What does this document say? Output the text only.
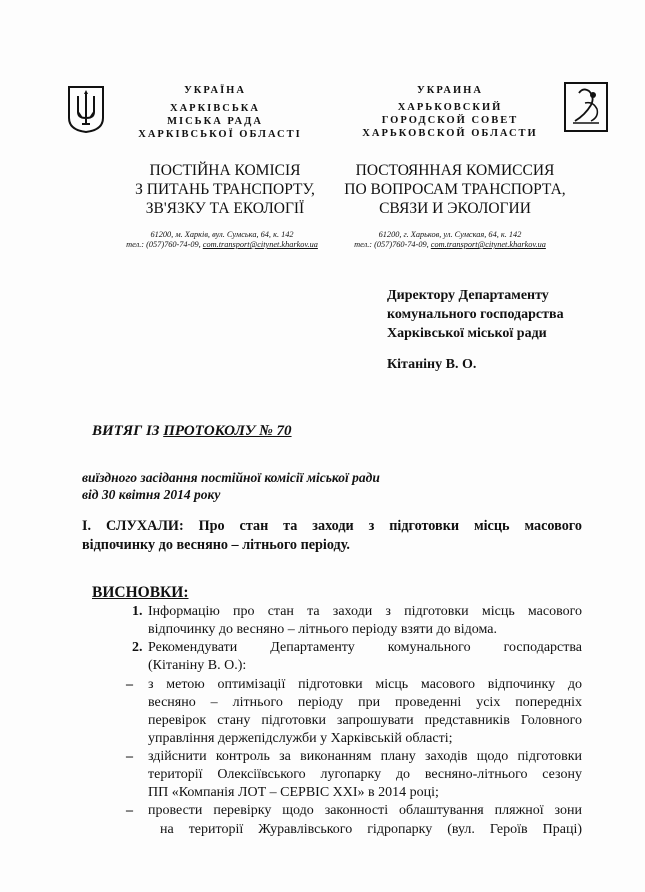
УКРАЇНА
ХАРКІВСЬКА
МІСЬКА РАДА
ХАРКІВСЬКОЇ ОБЛАСТІ
УКРАИНА
ХАРЬКОВСКИЙ
ГОРОДСКОЙ СОВЕТ
ХАРЬКОВСКОЙ ОБЛАСТИ
ПОСТІЙНА КОМІСІЯ
З ПИТАНЬ ТРАНСПОРТУ,
ЗВ'ЯЗКУ ТА ЕКОЛОГІЇ
ПОСТОЯННАЯ КОМИССИЯ
ПО ВОПРОСАМ ТРАНСПОРТА,
СВЯЗИ И ЭКОЛОГИИ
61200, м. Харків, вул. Сумська, 64, к. 142
тел.: (057)760-74-09, com.transport@citynet.kharkov.ua
61200, г. Харьков, ул. Сумская, 64, к. 142
тел.: (057)760-74-09, com.transport@citynet.kharkov.ua
Директору Департаменту
комунального господарства
Харківської міської ради
Кітаніну В. О.
ВИТЯГ ІЗ ПРОТОКОЛУ № 70
виїздного засідання постійної комісії міської ради
від 30 квітня 2014 року
І. СЛУХАЛИ: Про стан та заходи з підготовки місць масового
відпочинку до весняно – літнього періоду.
ВИСНОВКИ:
1. Інформацію про стан та заходи з підготовки місць масового
відпочинку до весняно – літнього періоду взяти до відома.
2. Рекомендувати Департаменту комунального господарства
(Кітаніну В. О.):
– з метою оптимізації підготовки місць масового відпочинку до
весняно – літнього періоду при проведенні усіх попередніх
перевірок стану підготовки запрошувати представників Головного
управління держепідслужби у Харківській області;
– здійснити контроль за виконанням плану заходів щодо підготовки
території Олексіївського лугопарку до весняно-літнього сезону
ПП «Компанія ЛОТ – СЕРВІС ХХІ» в 2014 році;
– провести перевірку щодо законності облаштування пляжної зони
на території Журавлівського гідропарку (вул. Героїв Праці)
